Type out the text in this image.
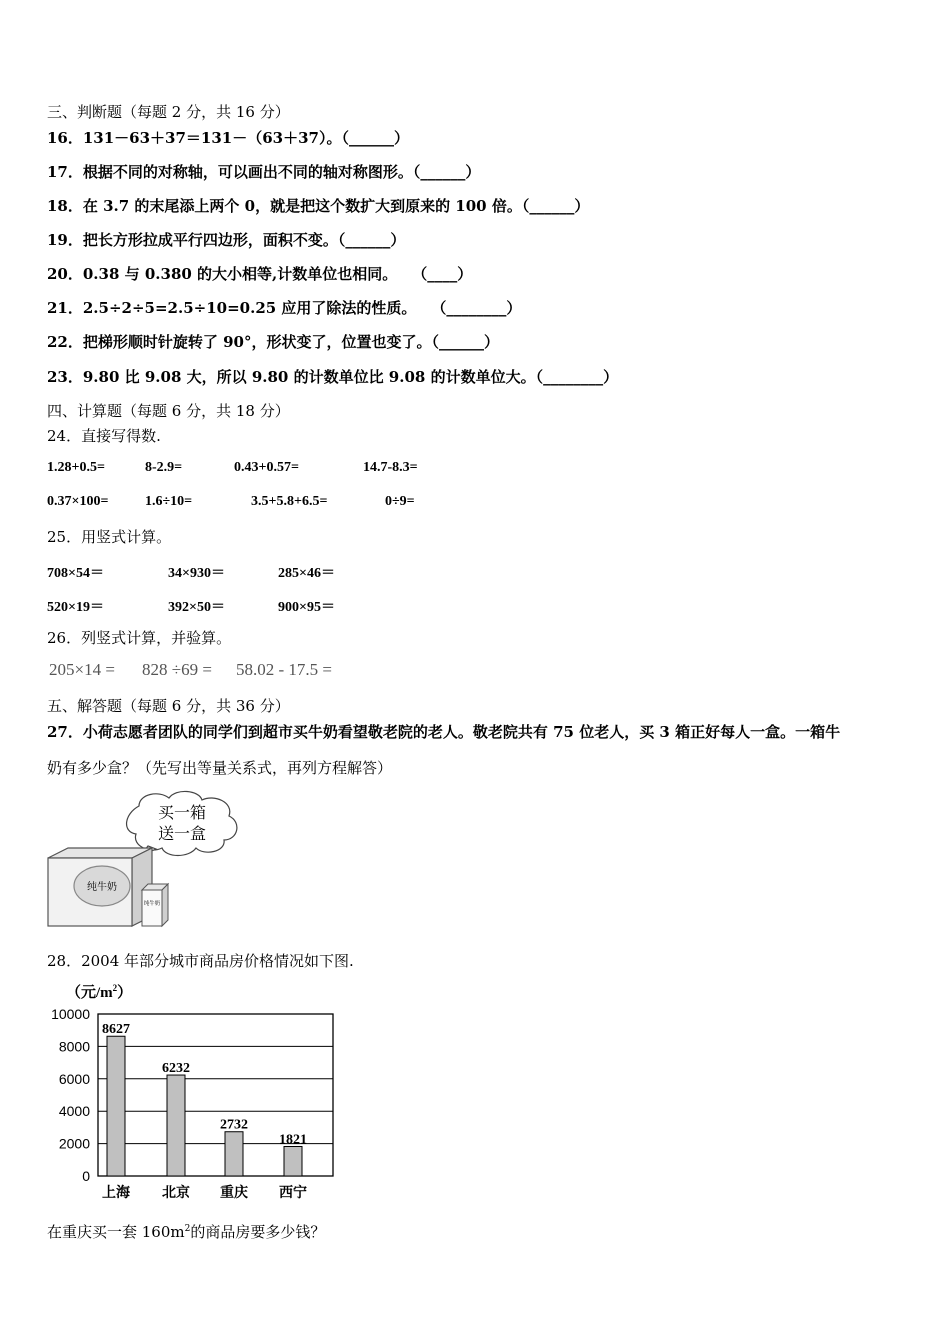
三、判断题（每题 2 分，共 16 分）
16．131－63＋37＝131－（63＋37）。（______）
17．根据不同的对称轴，可以画出不同的轴对称图形。（______）
18．在 3.7 的末尾添上两个 0，就是把这个数扩大到原来的 100 倍。（______）
19．把长方形拉成平行四边形，面积不变。（______）
20．0.38 与 0.380 的大小相等,计数单位也相同。　　（____）
21．2.5÷2÷5=2.5÷10=0.25 应用了除法的性质。　　（________）
22．把梯形顺时针旋转了 90°，形状变了，位置也变了。（______）
23．9.80 比 9.08 大，所以 9.80 的计数单位比 9.08 的计数单位大。（________）
四、计算题（每题 6 分，共 18 分）
24．直接写得数.
1.28+0.5=	8-2.9=	0.43+0.57=	14.7-8.3=
0.37×100=	1.6÷10=	3.5+5.8+6.5=	0÷9=
25．用竖式计算。
708×54＝	34×930＝	285×46＝
520×19＝	392×50＝	900×95＝
26．列竖式计算，并验算。
205×14 = 828 ÷69 = 58.02 - 17.5 =
五、解答题（每题 6 分，共 36 分）
27．小荷志愿者团队的同学们到超市买牛奶看望敬老院的老人。敬老院共有 75 位老人，买 3 箱正好每人一盒。一箱牛
奶有多少盒？（先写出等量关系式，再列方程解答）
买一箱
送一盒
纯牛奶
纯牛奶
28．2004 年部分城市商品房价格情况如下图.
（元$/m^2$）
0
2000
4000
6000
8000
10000
8627
上海
6232
北京
2732
重庆
1821
西宁
在重庆买一套 $160m^2$的商品房要多少钱？
